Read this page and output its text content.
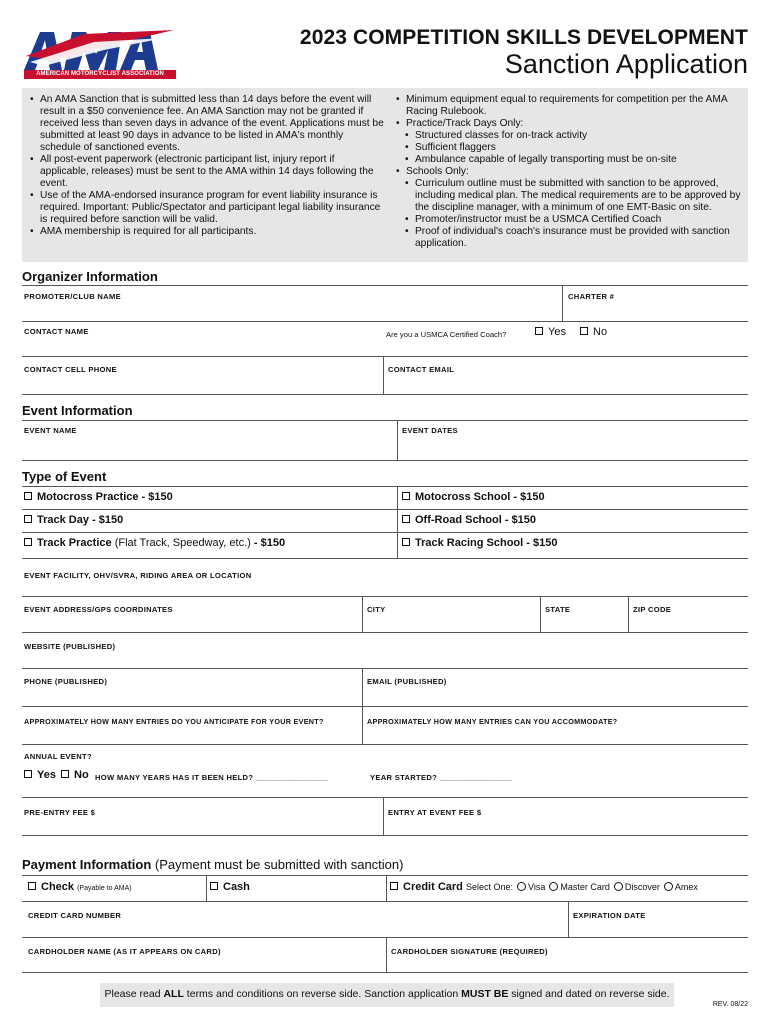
AMERICAN MOTORCYCLIST ASSOCIATION
2023 COMPETITION SKILLS DEVELOPMENT
Sanction Application
• An AMA Sanction that is submitted less than 14 days before the event will result in a $50 convenience fee. An AMA Sanction may not be granted if received less than seven days in advance of the event. Applications must be submitted at least 90 days in advance to be listed in AMA's monthly schedule of sanctioned events.
• All post-event paperwork (electronic participant list, injury report if applicable, releases) must be sent to the AMA within 14 days following the event.
• Use of the AMA-endorsed insurance program for event liability insurance is required. Important: Public/Spectator and participant legal liability insurance is required before sanction will be valid.
• AMA membership is required for all participants.
• Minimum equipment equal to requirements for competition per the AMA Racing Rulebook.
• Practice/Track Days Only:
• Structured classes for on-track activity
• Sufficient flaggers
• Ambulance capable of legally transporting must be on-site
• Schools Only:
• Curriculum outline must be submitted with sanction to be approved, including medical plan. The medical requirements are to be approved by the discipline manager, with a minimum of one EMT-Basic on site.
• Promoter/instructor must be a USMCA Certified Coach
• Proof of individual's coach's insurance must be provided with sanction application.
Organizer Information
PROMOTER/CLUB NAME	CHARTER #
CONTACT NAME	Are you a USMCA Certified Coach?	Yes	No
CONTACT CELL PHONE	CONTACT EMAIL
Event Information
EVENT NAME	EVENT DATES
Type of Event
Motocross Practice - $150	Motocross School - $150
Track Day - $150	Off-Road School - $150
Track Practice (Flat Track, Speedway, etc.) - $150	Track Racing School - $150
EVENT FACILITY, OHV/SVRA, RIDING AREA OR LOCATION
EVENT ADDRESS/GPS COORDINATES	CITY	STATE	ZIP CODE
WEBSITE (PUBLISHED)
PHONE (PUBLISHED)	EMAIL (PUBLISHED)
APPROXIMATELY HOW MANY ENTRIES DO YOU ANTICIPATE FOR YOUR EVENT?	APPROXIMATELY HOW MANY ENTRIES CAN YOU ACCOMMODATE?
ANNUAL EVENT?
Yes	No HOW MANY YEARS HAS IT BEEN HELD? ________________	YEAR STARTED? ________________
PRE-ENTRY FEE $	ENTRY AT EVENT FEE $
Payment Information (Payment must be submitted with sanction)
Check (Payable to AMA)	Cash	Credit Card Select One: Visa Master Card Discover Amex
CREDIT CARD NUMBER	EXPIRATION DATE
CARDHOLDER NAME (AS IT APPEARS ON CARD)	CARDHOLDER SIGNATURE (REQUIRED)
Please read ALL terms and conditions on reverse side. Sanction application MUST BE signed and dated on reverse side.
REV. 08/22
